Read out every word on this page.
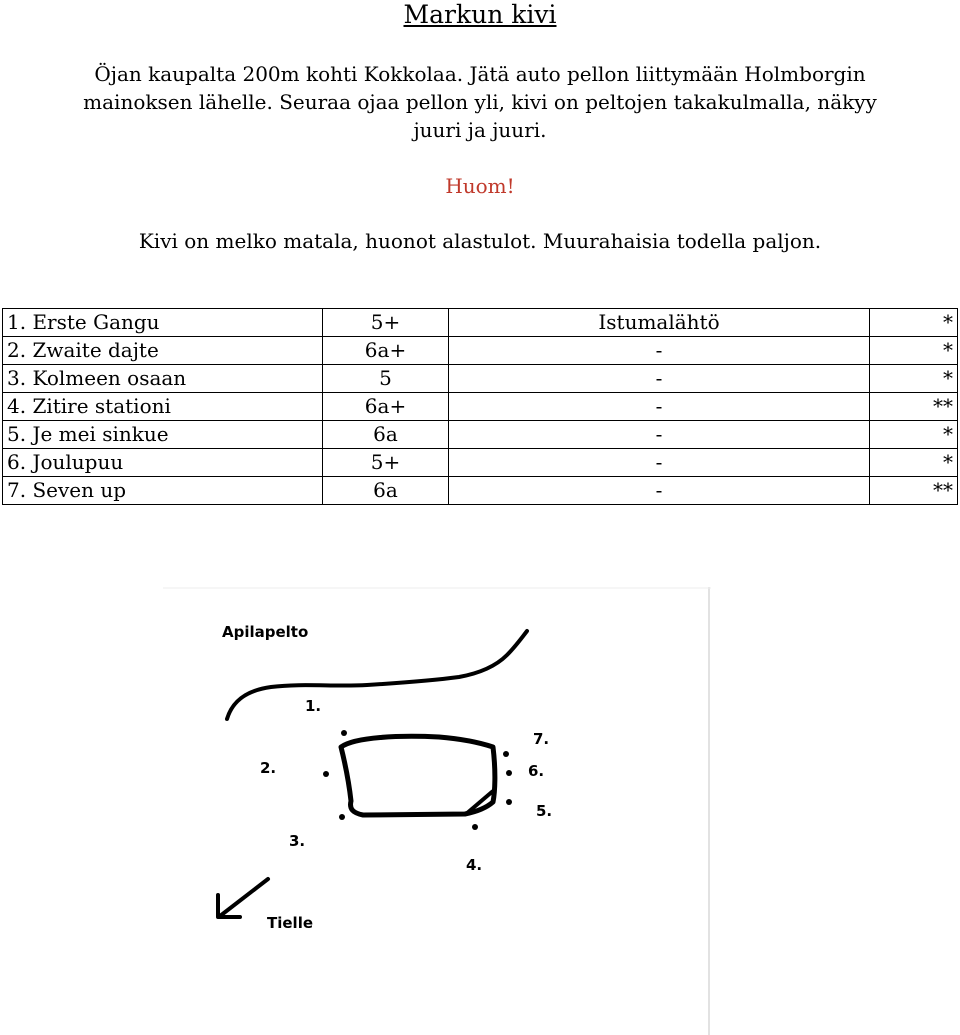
Markun kivi

Öjan kaupalta 200m kohti Kokkolaa. Jätä auto pellon liittymään Holmborgin

mainoksen lähelle. Seuraa ojaa pellon yli, kivi on peltojen takakulmalla, näkyy

juuri ja juuri.

Huom!
Kivi on melko matala, huonot alastulot. Muurahaisia todella paljon.
1. Erste Gangu	5+	Istumalähtö	*
2. Zwaite dajte	6a+	-	*
3. Kolmeen osaan	5	-	*
4. Zitire stationi	6a+	-	**
5. Je mei sinkue	6a	-	*
6. Joulupuu	5+	-	*
7. Seven up	6a	-	**
Apilapelto
1.
2.
3.
4.
5.
6.
7.
Tielle
